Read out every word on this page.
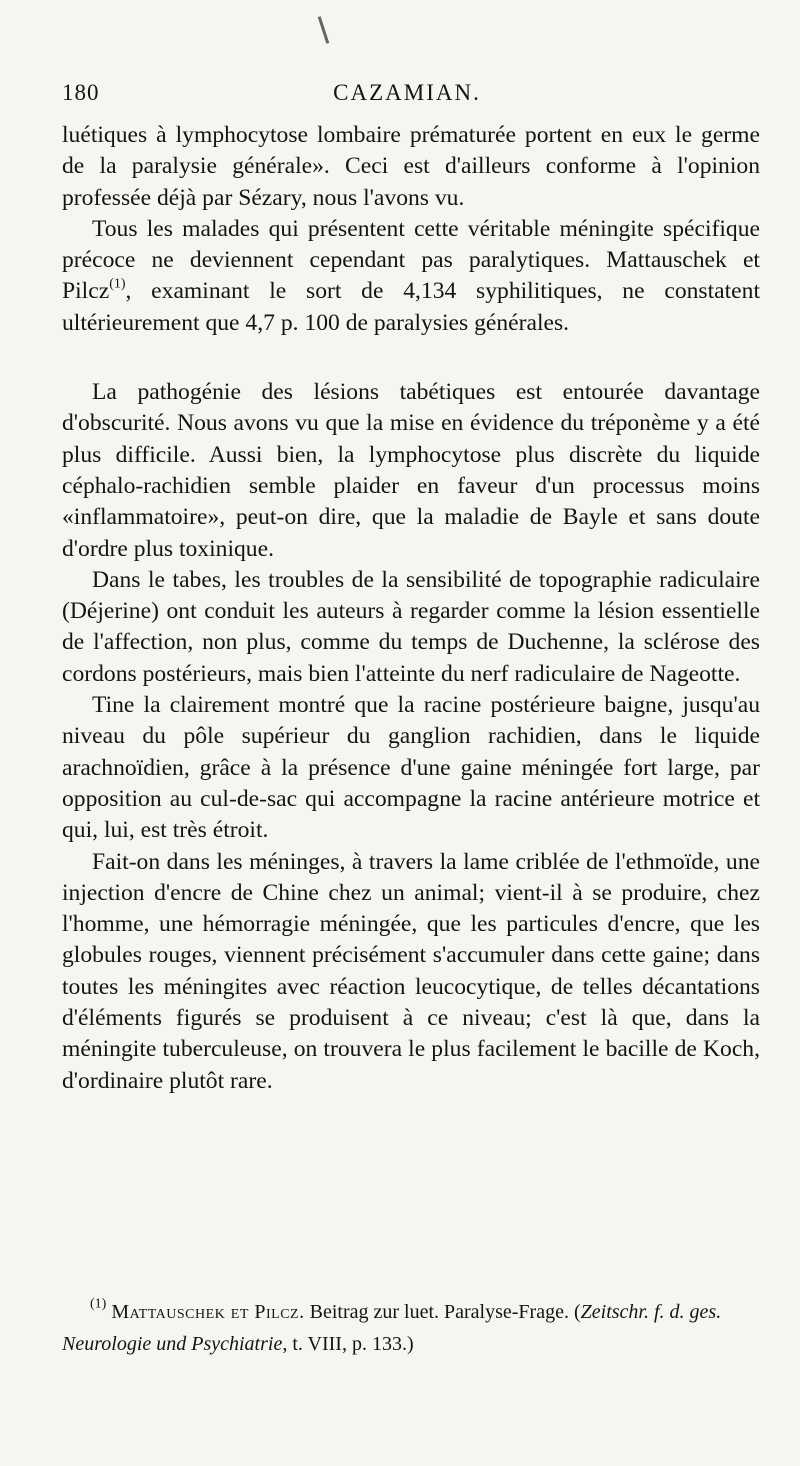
180	CAZAMIAN.

luétiques à lymphocytose lombaire prématurée portent en eux le germe de la paralysie générale». Ceci est d'ailleurs conforme à l'opinion professée déjà par Sézary, nous l'avons vu.

Tous les malades qui présentent cette véritable méningite spécifique précoce ne deviennent cependant pas paralytiques. Mattauschek et Pilcz$^{(1)}$, examinant le sort de 4,134 syphilitiques, ne constatent ultérieurement que 4,7 p. 100 de paralysies générales.

La pathogénie des lésions tabétiques est entourée davantage d'obscurité. Nous avons vu que la mise en évidence du tréponème y a été plus difficile. Aussi bien, la lymphocytose plus discrète du liquide céphalo-rachidien semble plaider en faveur d'un processus moins «inflammatoire», peut-on dire, que la maladie de Bayle et sans doute d'ordre plus toxinique.

Dans le tabes, les troubles de la sensibilité de topographie radiculaire (Déjerine) ont conduit les auteurs à regarder comme la lésion essentielle de l'affection, non plus, comme du temps de Duchenne, la sclérose des cordons postérieurs, mais bien l'atteinte du nerf radiculaire de Nageotte.

Tine la clairement montré que la racine postérieure baigne, jusqu'au niveau du pôle supérieur du ganglion rachidien, dans le liquide arachnoïdien, grâce à la présence d'une gaine méningée fort large, par opposition au cul-de-sac qui accompagne la racine antérieure motrice et qui, lui, est très étroit.

Fait-on dans les méninges, à travers la lame criblée de l'ethmoïde, une injection d'encre de Chine chez un animal; vient-il à se produire, chez l'homme, une hémorragie méningée, que les particules d'encre, que les globules rouges, viennent précisément s'accumuler dans cette gaine; dans toutes les méningites avec réaction leucocytique, de telles décantations d'éléments figurés se produisent à ce niveau; c'est là que, dans la méningite tuberculeuse, on trouvera le plus facilement le bacille de Koch, d'ordinaire plutôt rare.

$^{(1)}$ Mattauschek et Pilcz. Beitrag zur luet. Paralyse-Frage. (Zeitschr. f. d. ges. Neurologie und Psychiatrie, t. VIII, p. 133.)
